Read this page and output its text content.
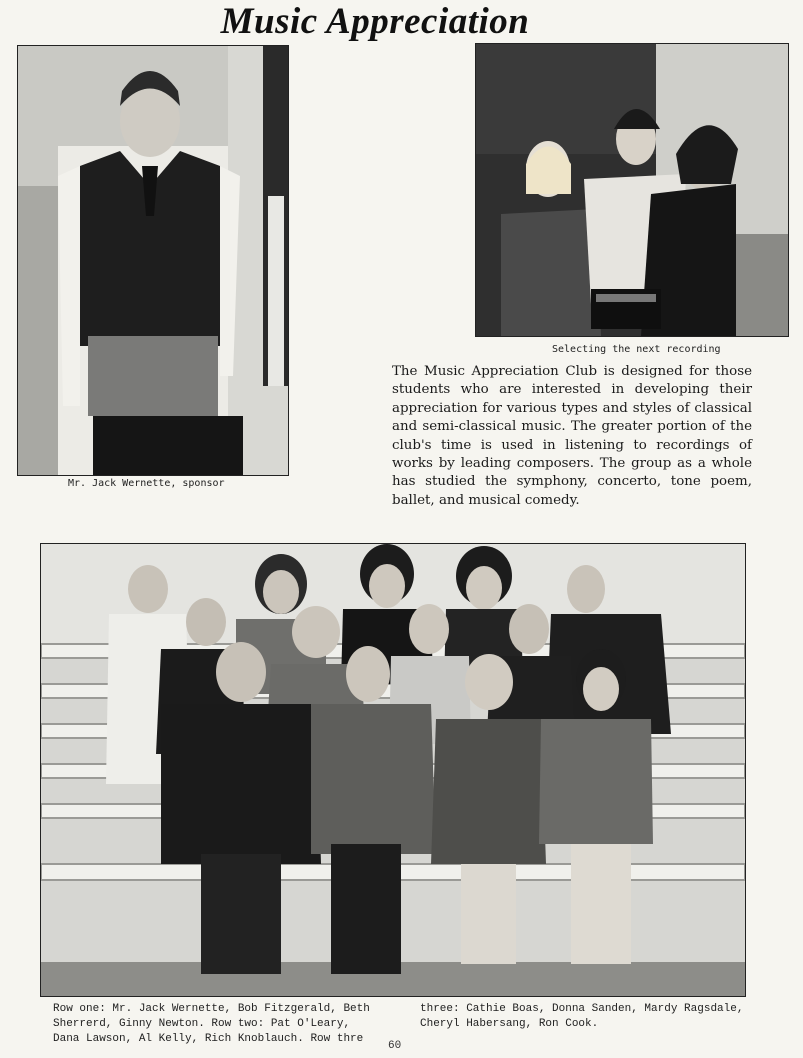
Music Appreciation
Mr. Jack Wernette, sponsor
Selecting the next recording

The Music Appreciation Club is designed for those students who are interested in developing their appreciation for various types and styles of classical and semi-classical music. The greater portion of the club's time is used in listening to recordings of works by leading composers. The group as a whole has studied the symphony, concerto, tone poem, ballet, and musical comedy.

Row one: Mr. Jack Wernette, Bob Fitzgerald, Beth Sherrerd, Ginny Newton. Row two: Pat O'Leary, Dana Lawson, Al Kelly, Rich Knoblauch. Row thre

three: Cathie Boas, Donna Sanden, Mardy Ragsdale, Cheryl Habersang, Ron Cook.

60
